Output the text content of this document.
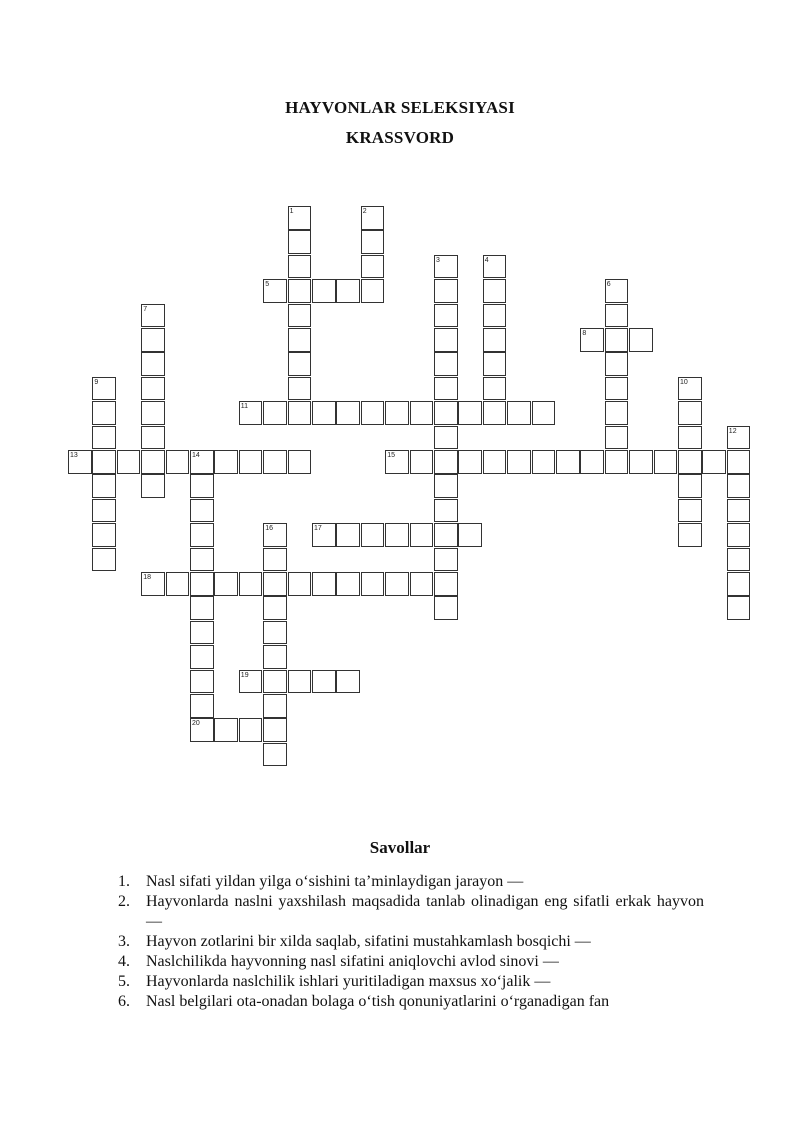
HAYVONLAR SELEKSIYASI
KRASSVORD
1	2
3	4
5	6
7
8
9	10
11
12
13	14	15
16	17
18
19
20
Savollar
1. Nasl sifati yildan yilga o‘sishini ta’minlaydigan jarayon —
2. Hayvonlarda naslni yaxshilash maqsadida tanlab olinadigan eng sifatli erkak hayvon —
3. Hayvon zotlarini bir xilda saqlab, sifatini mustahkamlash bosqichi —
4. Naslchilikda hayvonning nasl sifatini aniqlovchi avlod sinovi —
5. Hayvonlarda naslchilik ishlari yuritiladigan maxsus xo‘jalik —
6. Nasl belgilari ota-onadan bolaga o‘tish qonuniyatlarini o‘rganadigan fan
